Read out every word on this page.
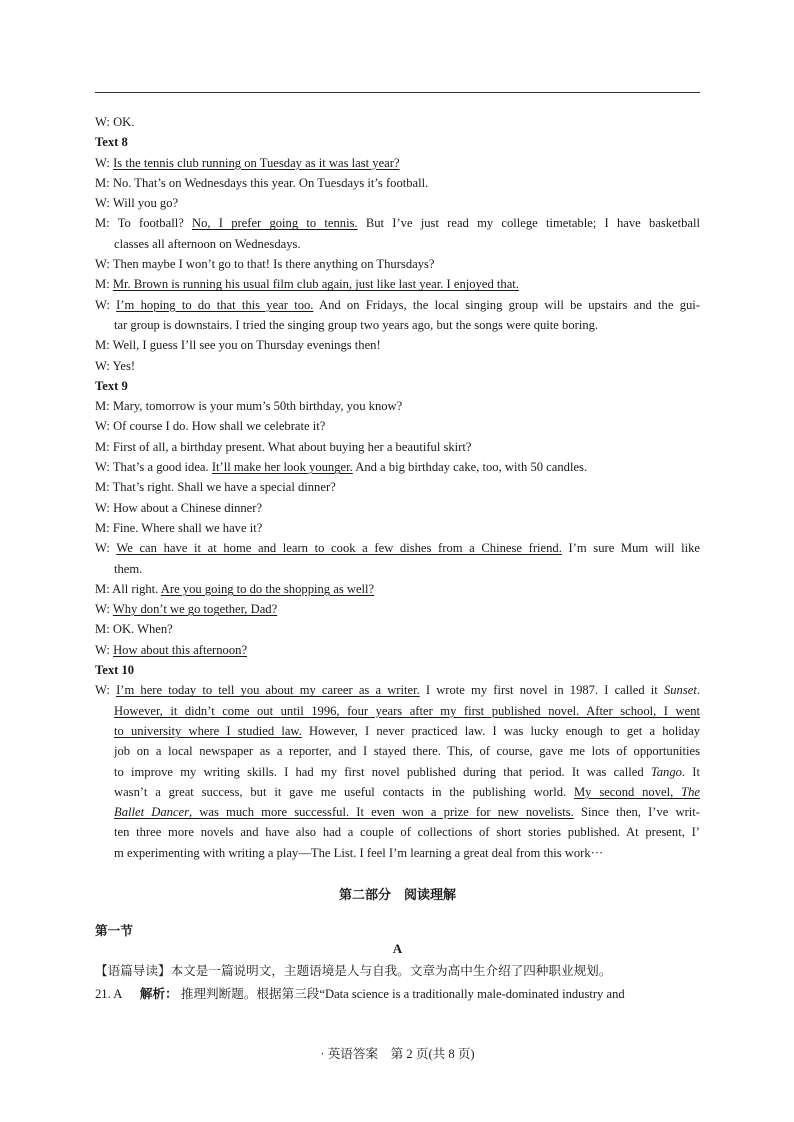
W: OK.
Text 8
W: Is the tennis club running on Tuesday as it was last year?
M: No. That’s on Wednesdays this year. On Tuesdays it’s football.
W: Will you go?
M: To football? No, I prefer going to tennis. But I’ve just read my college timetable; I have basketball
classes all afternoon on Wednesdays.
W: Then maybe I won’t go to that! Is there anything on Thursdays?
M: Mr. Brown is running his usual film club again, just like last year. I enjoyed that.
W: I’m hoping to do that this year too. And on Fridays, the local singing group will be upstairs and the gui-
tar group is downstairs. I tried the singing group two years ago, but the songs were quite boring.
M: Well, I guess I’ll see you on Thursday evenings then!
W: Yes!
Text 9
M: Mary, tomorrow is your mum’s 50th birthday, you know?
W: Of course I do. How shall we celebrate it?
M: First of all, a birthday present. What about buying her a beautiful skirt?
W: That’s a good idea. It’ll make her look younger. And a big birthday cake, too, with 50 candles.
M: That’s right. Shall we have a special dinner?
W: How about a Chinese dinner?
M: Fine. Where shall we have it?
W: We can have it at home and learn to cook a few dishes from a Chinese friend. I’m sure Mum will like
them.
M: All right. Are you going to do the shopping as well?
W: Why don’t we go together, Dad?
M: OK. When?
W: How about this afternoon?
Text 10
W: I’m here today to tell you about my career as a writer. I wrote my first novel in 1987. I called it Sunset.
However, it didn’t come out until 1996, four years after my first published novel. After school, I went
to university where I studied law. However, I never practiced law. I was lucky enough to get a holiday
job on a local newspaper as a reporter, and I stayed there. This, of course, gave me lots of opportunities
to improve my writing skills. I had my first novel published during that period. It was called Tango. It
wasn’t a great success, but it gave me useful contacts in the publishing world. My second novel, The
Ballet Dancer, was much more successful. It even won a prize for new novelists. Since then, I’ve writ-
ten three more novels and have also had a couple of collections of short stories published. At present, I’
m experimenting with writing a play—The List. I feel I’m learning a great deal from this work···
第二部分　阅读理解
第一节
A
【语篇导读】本文是一篇说明文，主题语境是人与自我。文章为高中生介绍了四种职业规划。
21. A 解析： 推理判断题。根据第三段“Data science is a traditionally male-dominated industry and
· 英语答案　第 2 页(共 8 页)
